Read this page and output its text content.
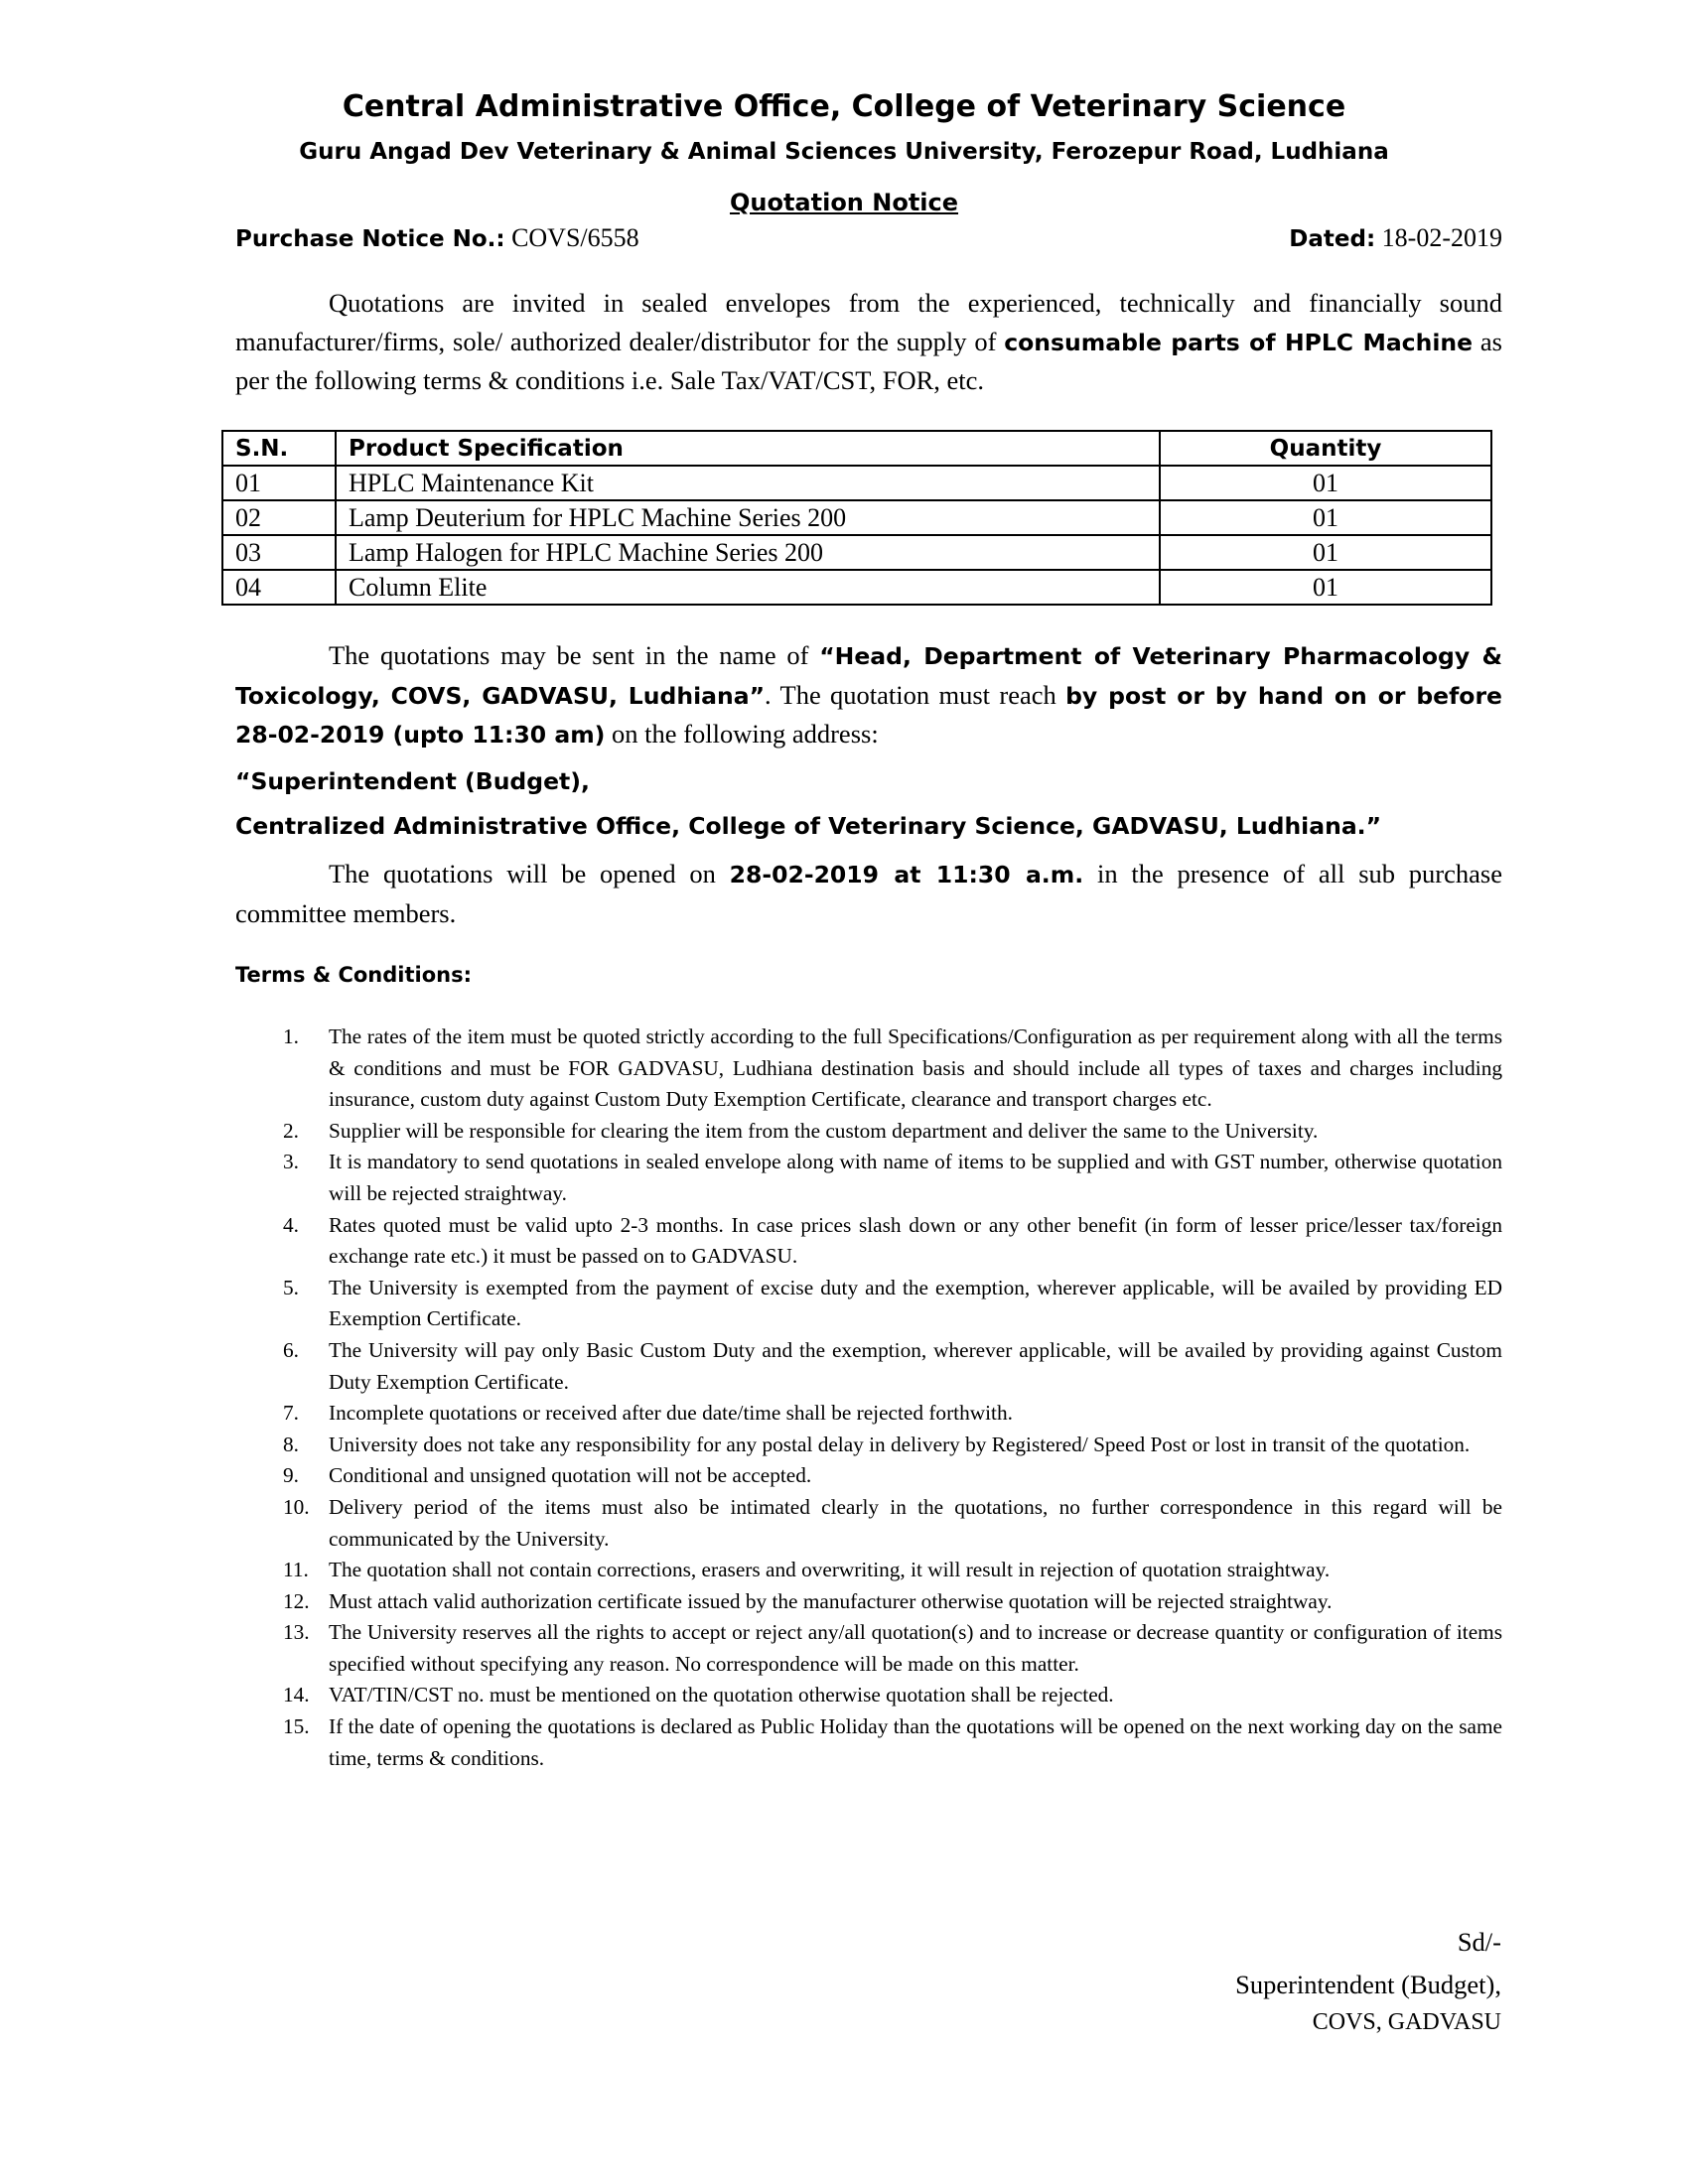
Central Administrative Office, College of Veterinary Science
Guru Angad Dev Veterinary & Animal Sciences University, Ferozepur Road, Ludhiana
Quotation Notice
Purchase Notice No.: COVS/6558	Dated: 18-02-2019

Quotations are invited in sealed envelopes from the experienced, technically and financially sound manufacturer/firms, sole/ authorized dealer/distributor for the supply of consumable parts of HPLC Machine as per the following terms & conditions i.e. Sale Tax/VAT/CST, FOR, etc.

S.N.	Product Specification	Quantity
01	HPLC Maintenance Kit	01
02	Lamp Deuterium for HPLC Machine Series 200	01
03	Lamp Halogen for HPLC Machine Series 200	01
04	Column Elite	01

The quotations may be sent in the name of “Head, Department of Veterinary Pharmacology & Toxicology, COVS, GADVASU, Ludhiana”. The quotation must reach by post or by hand on or before 28-02-2019 (upto 11:30 am) on the following address:

“Superintendent (Budget),
Centralized Administrative Office, College of Veterinary Science, GADVASU, Ludhiana.”

The quotations will be opened on 28-02-2019 at 11:30 a.m. in the presence of all sub purchase committee members.

Terms & Conditions:
1.	The rates of the item must be quoted strictly according to the full Specifications/Configuration as per requirement along with all the terms & conditions and must be FOR GADVASU, Ludhiana destination basis and should include all types of taxes and charges including insurance, custom duty against Custom Duty Exemption Certificate, clearance and transport charges etc.
2.	Supplier will be responsible for clearing the item from the custom department and deliver the same to the University.
3.	It is mandatory to send quotations in sealed envelope along with name of items to be supplied and with GST number, otherwise quotation will be rejected straightway.
4.	Rates quoted must be valid upto 2-3 months. In case prices slash down or any other benefit (in form of lesser price/lesser tax/foreign exchange rate etc.) it must be passed on to GADVASU.
5.	The University is exempted from the payment of excise duty and the exemption, wherever applicable, will be availed by providing ED Exemption Certificate.
6.	The University will pay only Basic Custom Duty and the exemption, wherever applicable, will be availed by providing against Custom Duty Exemption Certificate.
7.	Incomplete quotations or received after due date/time shall be rejected forthwith.
8.	University does not take any responsibility for any postal delay in delivery by Registered/ Speed Post or lost in transit of the quotation.
9.	Conditional and unsigned quotation will not be accepted.
10. Delivery period of the items must also be intimated clearly in the quotations, no further correspondence in this regard will be communicated by the University.
11. The quotation shall not contain corrections, erasers and overwriting, it will result in rejection of quotation straightway.
12. Must attach valid authorization certificate issued by the manufacturer otherwise quotation will be rejected straightway.
13. The University reserves all the rights to accept or reject any/all quotation(s) and to increase or decrease quantity or configuration of items specified without specifying any reason. No correspondence will be made on this matter.
14. VAT/TIN/CST no. must be mentioned on the quotation otherwise quotation shall be rejected.
15. If the date of opening the quotations is declared as Public Holiday than the quotations will be opened on the next working day on the same time, terms & conditions.
Sd/-
Superintendent (Budget),
COVS, GADVASU
